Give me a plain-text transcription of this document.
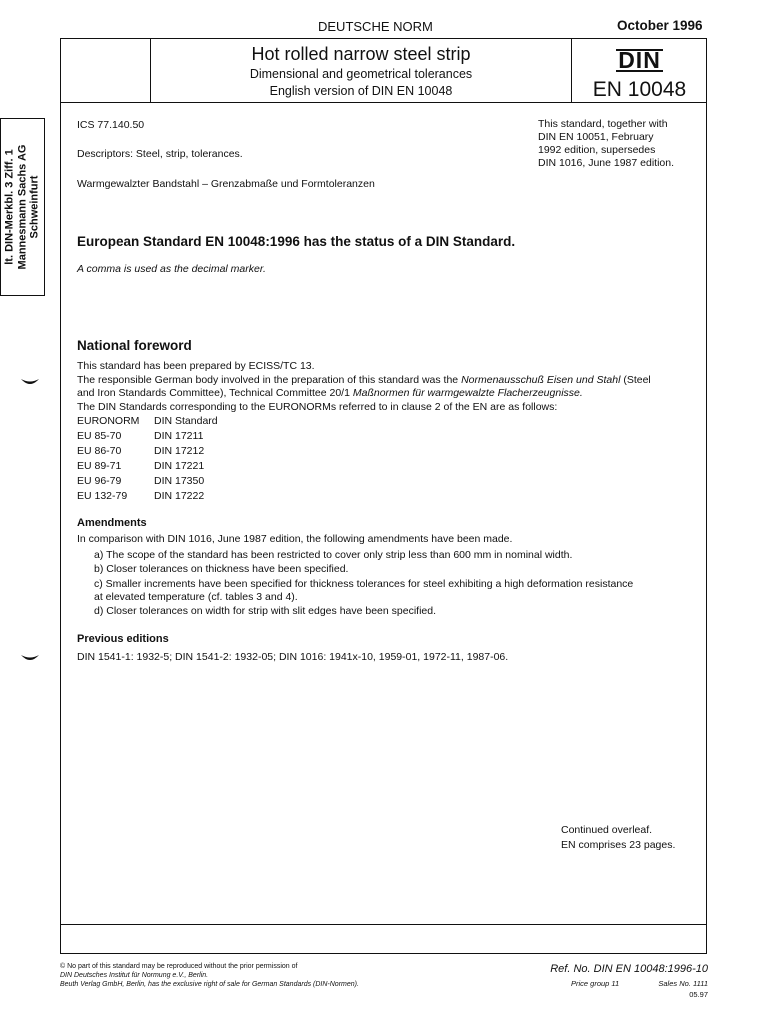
lt. DIN-Merkbl. 3 Ziff. 1 Mannesmann Sachs AG Schweinfurt
DEUTSCHE NORM	October 1996
Hot rolled narrow steel strip
Dimensional and geometrical tolerances
English version of DIN EN 10048
DIN
EN 10048
ICS 77.140.50
Descriptors: Steel, strip, tolerances.
Warmgewalzter Bandstahl – Grenzabmaße und Formtoleranzen
This standard, together with
DIN EN 10051, February
1992 edition, supersedes
DIN 1016, June 1987 edition.
European Standard EN 10048:1996 has the status of a DIN Standard.
A comma is used as the decimal marker.
National foreword
This standard has been prepared by ECISS/TC 13.
The responsible German body involved in the preparation of this standard was the Normenausschuß Eisen und Stahl (Steel
and Iron Standards Committee), Technical Committee 20/1 Maßnormen für warmgewalzte Flacherzeugnisse.
The DIN Standards corresponding to the EURONORMs referred to in clause 2 of the EN are as follows:
EURONORM DIN Standard
EU 85-70	DIN 17211
EU 86-70	DIN 17212
EU 89-71	DIN 17221
EU 96-79	DIN 17350
EU 132-79	DIN 17222
Amendments
In comparison with DIN 1016, June 1987 edition, the following amendments have been made.
a) The scope of the standard has been restricted to cover only strip less than 600 mm in nominal width.
b) Closer tolerances on thickness have been specified.
c) Smaller increments have been specified for thickness tolerances for steel exhibiting a high deformation resistance
at elevated temperature (cf. tables 3 and 4).
d) Closer tolerances on width for strip with slit edges have been specified.
Previous editions
DIN 1541-1: 1932-5; DIN 1541-2: 1932-05; DIN 1016: 1941x-10, 1959-01, 1972-11, 1987-06.
Continued overleaf.
EN comprises 23 pages.
© No part of this standard may be reproduced without the prior permission of
DIN Deutsches Institut für Normung e.V., Berlin.
Beuth Verlag GmbH, Berlin, has the exclusive right of sale for German Standards (DIN-Normen).
Ref. No. DIN EN 10048:1996-10
Price group 11	Sales No. 1111
05.97
